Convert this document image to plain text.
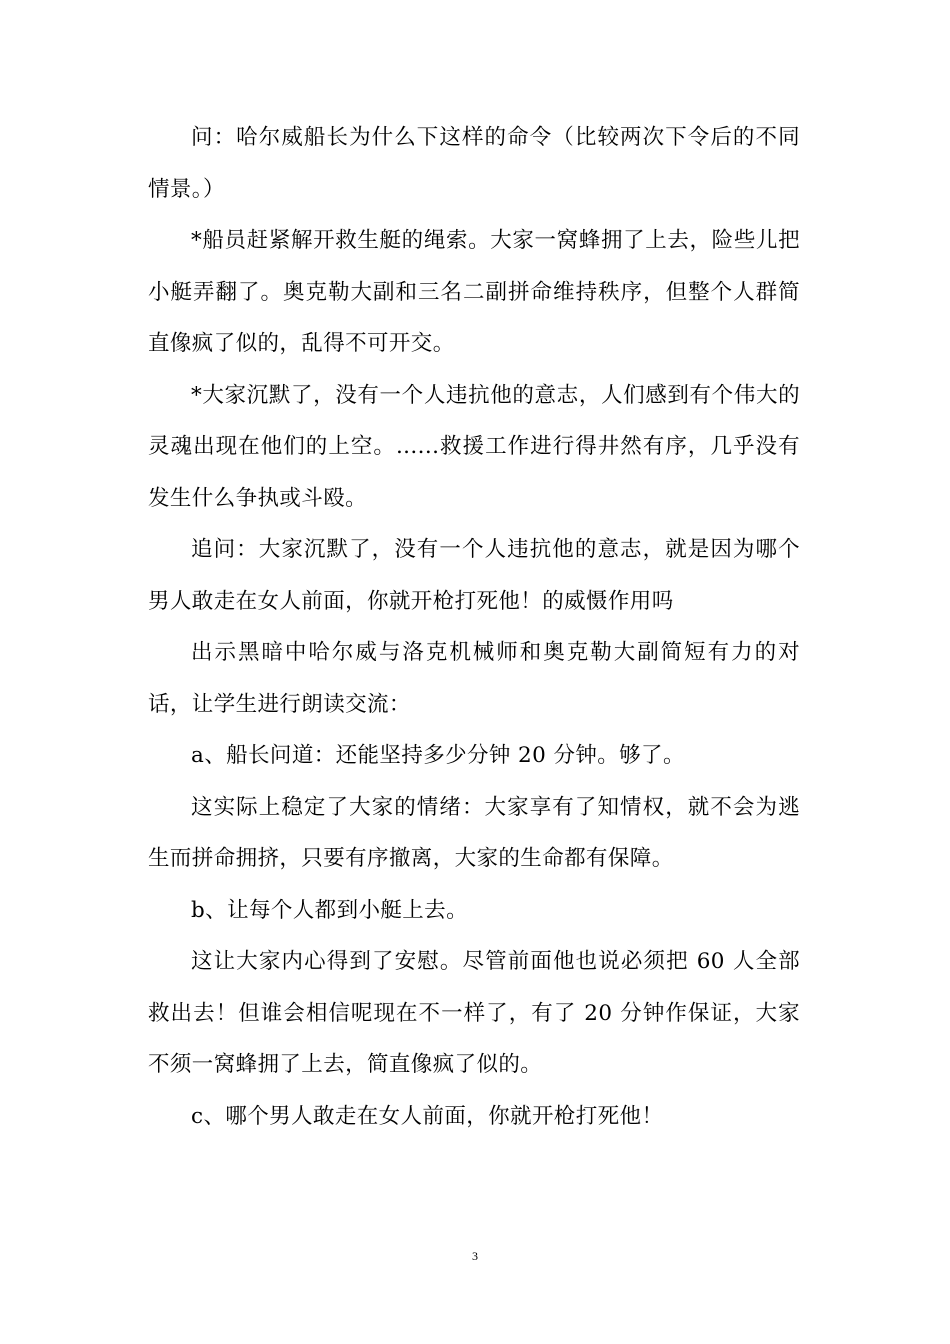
问：哈尔威船长为什么下这样的命令（比较两次下令后的不同情景。）

*船员赶紧解开救生艇的绳索。大家一窝蜂拥了上去，险些儿把小艇弄翻了。奥克勒大副和三名二副拼命维持秩序，但整个人群简直像疯了似的，乱得不可开交。

*大家沉默了，没有一个人违抗他的意志，人们感到有个伟大的灵魂出现在他们的上空。......救援工作进行得井然有序，几乎没有发生什么争执或斗殴。

追问：大家沉默了，没有一个人违抗他的意志，就是因为哪个男人敢走在女人前面，你就开枪打死他！的威慑作用吗

出示黑暗中哈尔威与洛克机械师和奥克勒大副简短有力的对话，让学生进行朗读交流：

a、船长问道：还能坚持多少分钟 20 分钟。够了。

这实际上稳定了大家的情绪：大家享有了知情权，就不会为逃生而拼命拥挤，只要有序撤离，大家的生命都有保障。

b、让每个人都到小艇上去。

这让大家内心得到了安慰。尽管前面他也说必须把 60 人全部救出去！但谁会相信呢现在不一样了，有了 20 分钟作保证，大家不须一窝蜂拥了上去，简直像疯了似的。

c、哪个男人敢走在女人前面，你就开枪打死他！

3
